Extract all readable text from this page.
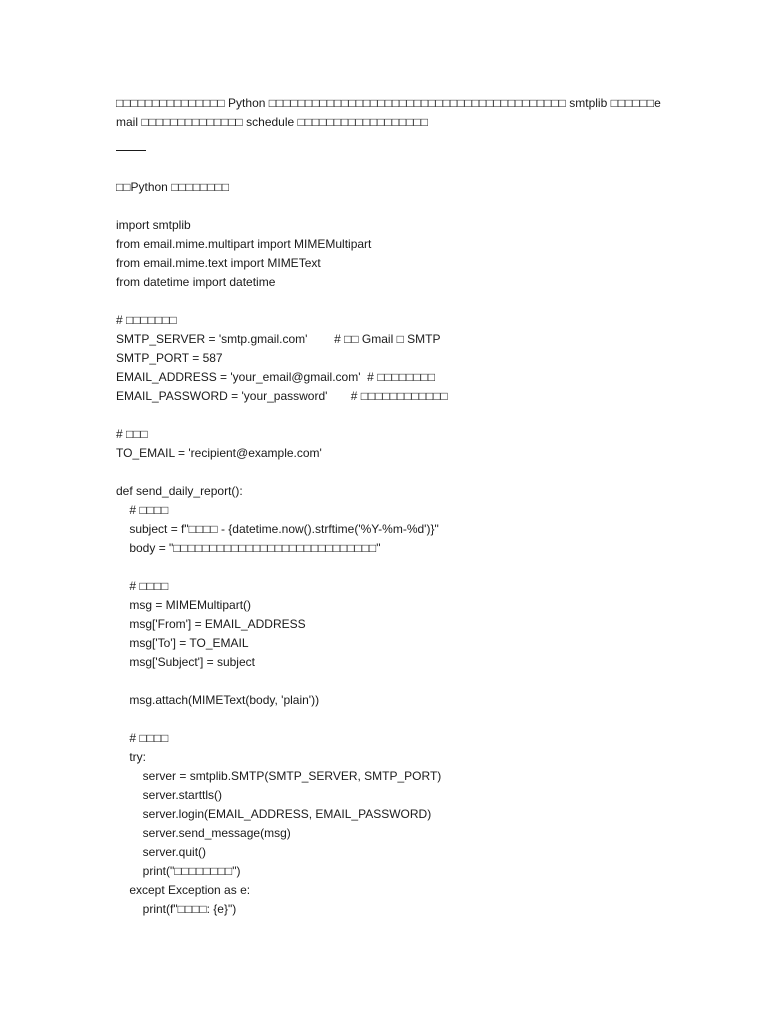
□□□□□□□□□□□□□□□ Python □□□□□□□□□□□□□□□□□□□□□□□□□□□□□□□□□□□□□□□□□ smtplib □□□□□□email □□□□□□□□□□□□□□ schedule □□□□□□□□□□□□□□□□□□

□□Python □□□□□□□□
import smtplib
from email.mime.multipart import MIMEMultipart
from email.mime.text import MIMEText
from datetime import datetime
# □□□□□□□
SMTP_SERVER = 'smtp.gmail.com'        # □□ Gmail □ SMTP
SMTP_PORT = 587
EMAIL_ADDRESS = 'your_email@gmail.com'  # □□□□□□□□
EMAIL_PASSWORD = 'your_password'       # □□□□□□□□□□□□
# □□□
TO_EMAIL = 'recipient@example.com'
def send_daily_report():
# □□□□
subject = f"□□□□ - {datetime.now().strftime('%Y-%m-%d')}"
body = "□□□□□□□□□□□□□□□□□□□□□□□□□□□□"
# □□□□
msg = MIMEMultipart()
msg['From'] = EMAIL_ADDRESS
msg['To'] = TO_EMAIL
msg['Subject'] = subject
msg.attach(MIMEText(body, 'plain'))
# □□□□
try:
server = smtplib.SMTP(SMTP_SERVER, SMTP_PORT)
server.starttls()
server.login(EMAIL_ADDRESS, EMAIL_PASSWORD)
server.send_message(msg)
server.quit()
print("□□□□□□□□")
except Exception as e:
print(f"□□□□: {e}")
